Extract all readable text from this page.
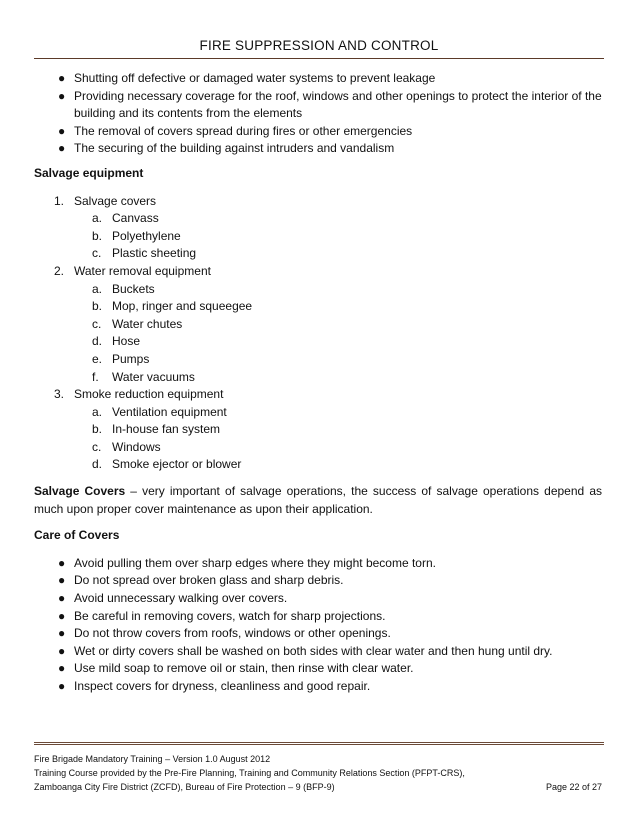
FIRE SUPPRESSION AND CONTROL
● Shutting off defective or damaged water systems to prevent leakage
● Providing necessary coverage for the roof, windows and other openings to protect the interior of the building and its contents from the elements
● The removal of covers spread during fires or other emergencies
● The securing of the building against intruders and vandalism
Salvage equipment
1. Salvage covers
a. Canvass
b. Polyethylene
c. Plastic sheeting
2. Water removal equipment
a. Buckets
b. Mop, ringer and squeegee
c. Water chutes
d. Hose
e. Pumps
f. Water vacuums
3. Smoke reduction equipment
a. Ventilation equipment
b. In-house fan system
c. Windows
d. Smoke ejector or blower

Salvage Covers – very important of salvage operations, the success of salvage operations depend as much upon proper cover maintenance as upon their application.

Care of Covers
● Avoid pulling them over sharp edges where they might become torn.
● Do not spread over broken glass and sharp debris.
● Avoid unnecessary walking over covers.
● Be careful in removing covers, watch for sharp projections.
● Do not throw covers from roofs, windows or other openings.
● Wet or dirty covers shall be washed on both sides with clear water and then hung until dry.
● Use mild soap to remove oil or stain, then rinse with clear water.
● Inspect covers for dryness, cleanliness and good repair.
Fire Brigade Mandatory Training – Version 1.0 August 2012
Training Course provided by the Pre-Fire Planning, Training and Community Relations Section (PFPT-CRS),
Zamboanga City Fire District (ZCFD), Bureau of Fire Protection – 9 (BFP-9)	Page 22 of 27
